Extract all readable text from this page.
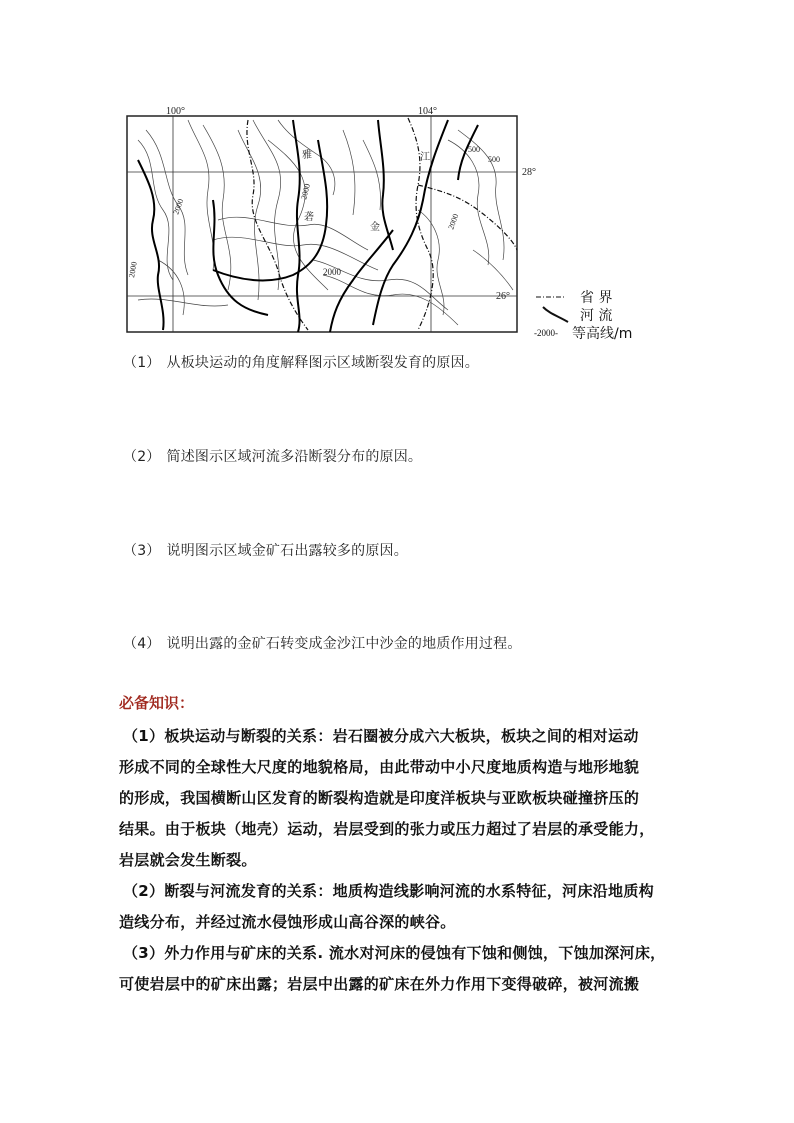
100°	104°
28°
26°
2000
2000
2000
2000
2000
500
500
雅
砻
江
金
省 界
河 流
-2000- 等高线/m
（1） 从板块运动的角度解释图示区域断裂发育的原因。
（2） 简述图示区域河流多沿断裂分布的原因。
（3） 说明图示区域金矿石出露较多的原因。
（4） 说明出露的金矿石转变成金沙江中沙金的地质作用过程。
必备知识：
（1）板块运动与断裂的关系：岩石圈被分成六大板块，板块之间的相对运动
形成不同的全球性大尺度的地貌格局，由此带动中小尺度地质构造与地形地貌
的形成，我国横断山区发育的断裂构造就是印度洋板块与亚欧板块碰撞挤压的
结果。由于板块（地壳）运动，岩层受到的张力或压力超过了岩层的承受能力，
岩层就会发生断裂。
（2）断裂与河流发育的关系：地质构造线影响河流的水系特征，河床沿地质构
造线分布，并经过流水侵蚀形成山高谷深的峡谷。
（3）外力作用与矿床的关系. 流水对河床的侵蚀有下蚀和侧蚀，下蚀加深河床，
可使岩层中的矿床出露；岩层中出露的矿床在外力作用下变得破碎，被河流搬
